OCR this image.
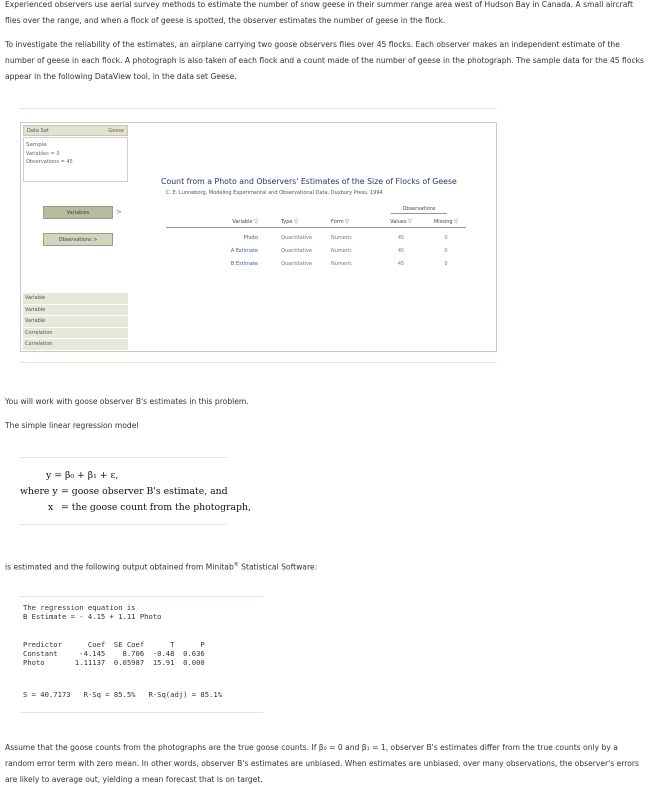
Experienced observers use aerial survey methods to estimate the number of snow geese in their summer range area west of Hudson Bay in Canada. A small aircraft flies over the range, and when a flock of geese is spotted, the observer estimates the number of geese in the flock.

To investigate the reliability of the estimates, an airplane carrying two goose observers flies over 45 flocks. Each observer makes an independent estimate of the number of geese in each flock. A photograph is also taken of each flock and a count made of the number of geese in the photograph. The sample data for the 45 flocks appear in the following DataView tool, in the data set Geese.

Data Set	Geese
Sample
Variables = 3
Observations = 45
Variables	>
Observations >
Variable
Variable
Variable
Correlation
Correlation
Count from a Photo and Observers' Estimates of the Size of Flocks of Geese
C. E. Lunneborg, Modeling Experimental and Observational Data, Duxbury Press, 1994
Observations
Variable ▽	Type ▽	Form ▽	Values ▽	Missing ▽
Photo	Quantitative	Numeric	45	0
A Estimate	Quantitative	Numeric	45	0
B Estimate	Quantitative	Numeric	45	0

You will work with goose observer B's estimates in this problem.

The simple linear regression model

y = β₀ + β₁ + ε,
where y = goose observer B's estimate, and
x = the goose count from the photograph,

is estimated and the following output obtained from Minitab® Statistical Software:

The regression equation is
B Estimate = - 4.15 + 1.11 Photo
Predictor      Coef  SE Coef      T      P
Constant     -4.145    8.706  -0.48  0.636
Photo       1.11137  0.05987  15.91  0.000
S = 40.7173   R-Sq = 85.5%   R-Sq(adj) = 85.1%

Assume that the goose counts from the photographs are the true goose counts. If β₀ = 0 and β₁ = 1, observer B's estimates differ from the true counts only by a random error term with zero mean. In other words, observer B's estimates are unbiased. When estimates are unbiased, over many observations, the observer's errors are likely to average out, yielding a mean forecast that is on target.
